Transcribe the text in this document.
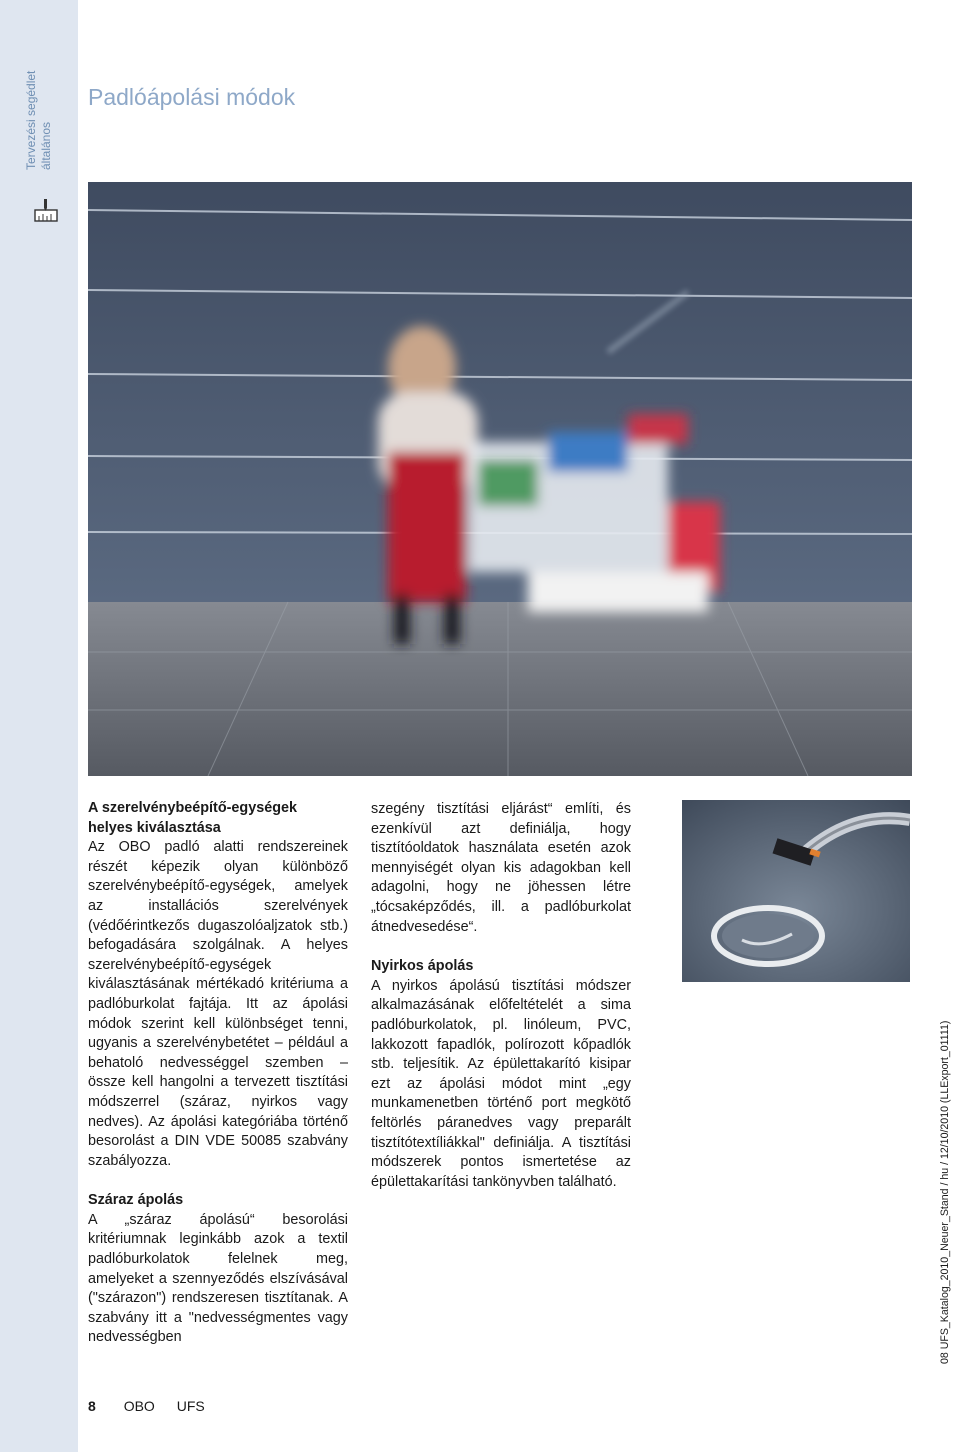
Tervezési segédlet általános
Padlóápolási módok
A szerelvénybeépítő-egységek
helyes kiválasztása

Az OBO padló alatti rendszereinek részét képezik olyan különböző szerelvénybeépítő-egységek, amelyek az installációs szerelvények (védőérintkezős dugaszolóaljzatok stb.) befogadására szolgálnak. A helyes szerelvénybeépítő-egységek kiválasztásának mértékadó kritériuma a padlóburkolat fajtája. Itt az ápolási módok szerint kell különbséget tenni, ugyanis a szerelvénybetétet – például a behatoló nedvességgel szemben – össze kell hangolni a tervezett tisztítási módszerrel (száraz, nyirkos vagy nedves). Az ápolási kategóriába történő besorolást a DIN VDE 50085 szabvány szabályozza.

Száraz ápolás

A „száraz ápolású“ besorolási kritériumnak leginkább azok a textil padlóburkolatok felelnek meg, amelyeket a szennyeződés elszívásával ("szárazon") rendszeresen tisztítanak. A szabvány itt a "nedvességmentes vagy nedvességben

szegény tisztítási eljárást“ említi, és ezenkívül azt definiálja, hogy tisztítóoldatok használata esetén azok mennyiségét olyan kis adagokban kell adagolni, hogy ne jöhessen létre „tócsaképződés, ill. a padlóburkolat átnedvesedése“.

Nyirkos ápolás

A nyirkos ápolású tisztítási módszer alkalmazásának előfeltételét a sima padlóburkolatok, pl. linóleum, PVC, lakkozott fapadlók, polírozott kőpadlók stb. teljesítik. Az épülettakarító kisipar ezt az ápolási módot mint „egy munkamenetben történő port megkötő feltörlés páranedves vagy preparált tisztítótextíliákkal" definiálja. A tisztítási módszerek pontos ismertetése az épülettakarítási tankönyvben található.	08 UFS_Katalog_2010_Neuer_Stand / hu / 12/10/2010 (LLExport_01111)
8 OBO UFS
